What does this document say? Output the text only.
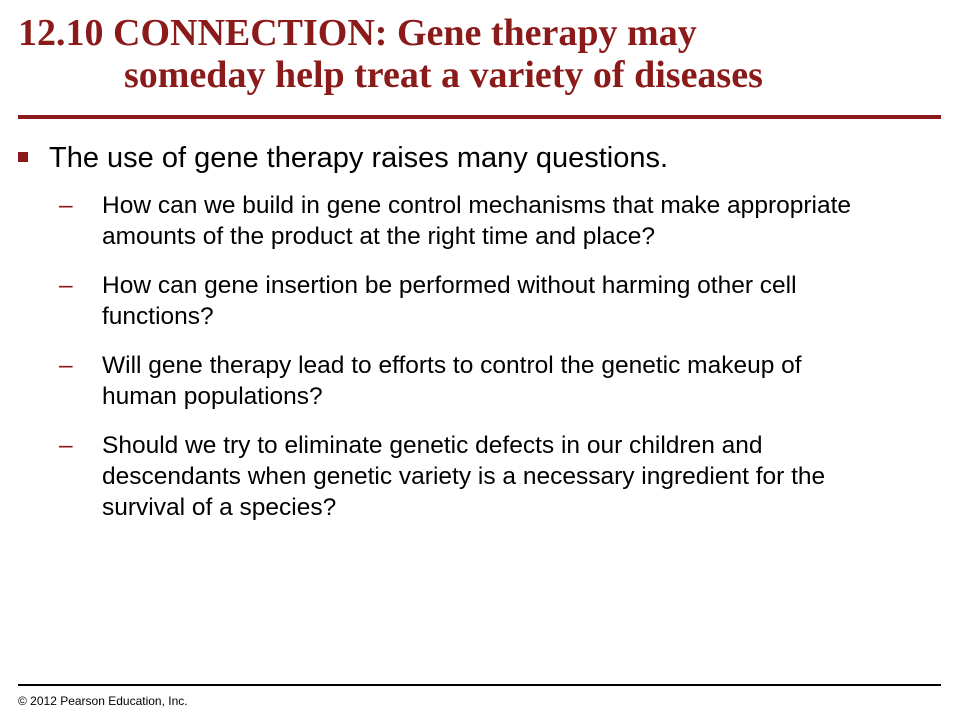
12.10 CONNECTION: Gene therapy may
someday help treat a variety of diseases
The use of gene therapy raises many questions.
– How can we build in gene control mechanisms that make appropriate amounts of the product at the right time and place?
– How can gene insertion be performed without harming other cell functions?
– Will gene therapy lead to efforts to control the genetic makeup of human populations?
– Should we try to eliminate genetic defects in our children and descendants when genetic variety is a necessary ingredient for the survival of a species?
© 2012 Pearson Education, Inc.
